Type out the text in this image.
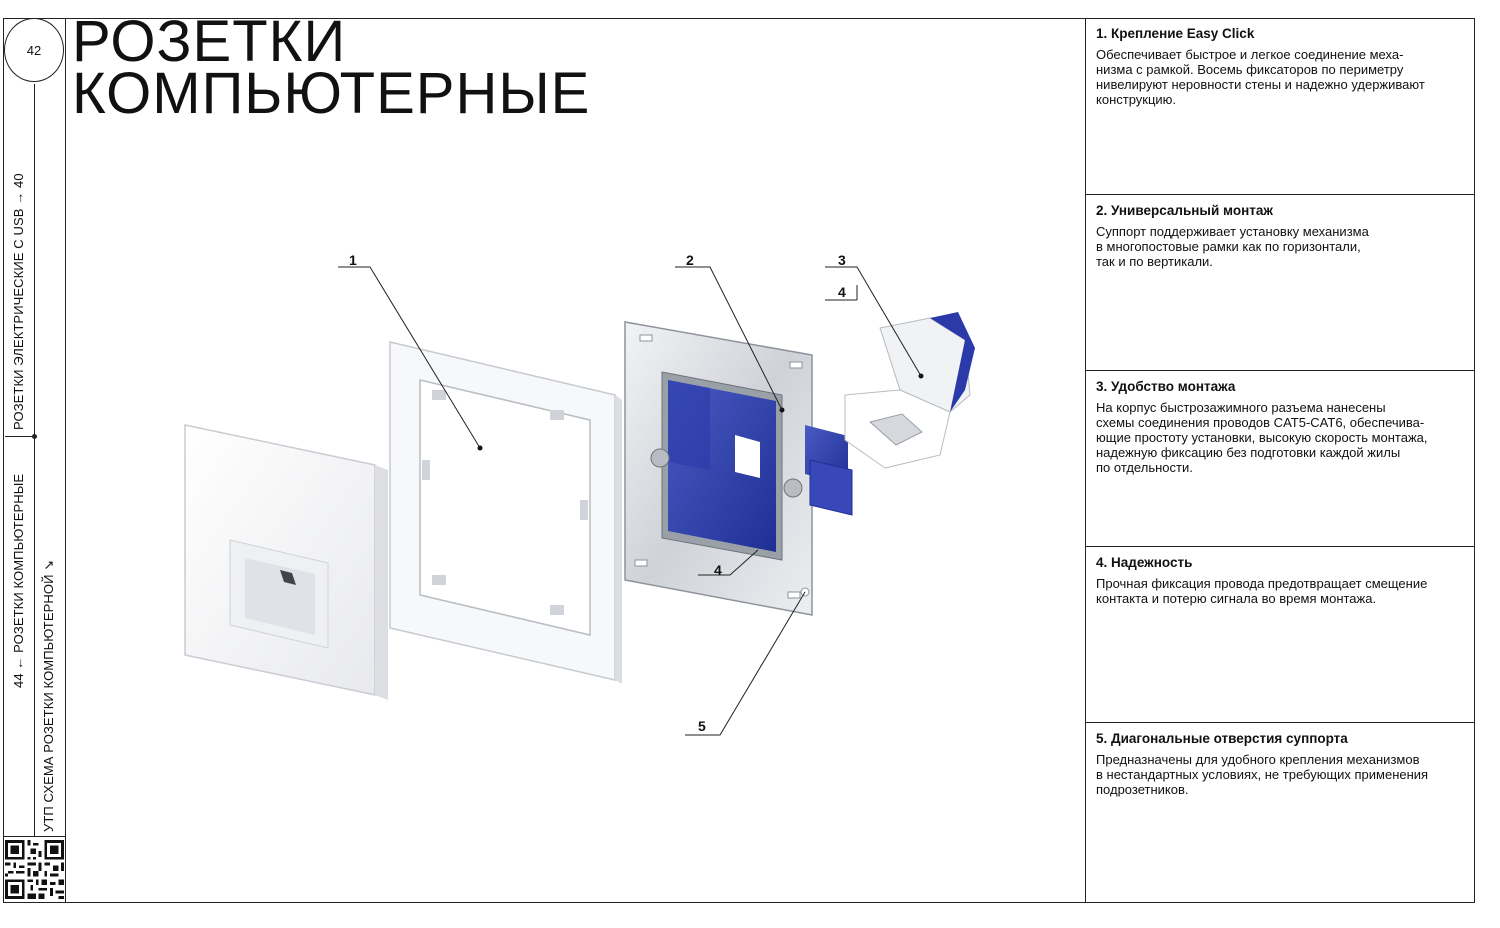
42
РОЗЕТКИ ЭЛЕКТРИЧЕСКИЕ С USB → 40
44 ← РОЗЕТКИ КОМПЬЮТЕРНЫЕ УТП СХЕМА РОЗЕТКИ КОМПЬЮТЕРНОЙ ↘
РОЗЕТКИ
КОМПЬЮТЕРНЫЕ
1	2	3
4
4
5
1. Крепление Easy Click

Обеспечивает быстрое и легкое соединение меха-
низма с рамкой. Восемь фиксаторов по периметру
нивелируют неровности стены и надежно удерживают
конструкцию.

2. Универсальный монтаж

Суппорт поддерживает установку механизма
в многопостовые рамки как по горизонтали,
так и по вертикали.

3. Удобство монтажа

На корпус быстрозажимного разъема нанесены
схемы соединения проводов CAT5-CAT6, обеспечива-
ющие простоту установки, высокую скорость монтажа,
надежную фиксацию без подготовки каждой жилы
по отдельности.

4. Надежность

Прочная фиксация провода предотвращает смещение
контакта и потерю сигнала во время монтажа.

5. Диагональные отверстия суппорта

Предназначены для удобного крепления механизмов
в нестандартных условиях, не требующих применения
подрозетников.
